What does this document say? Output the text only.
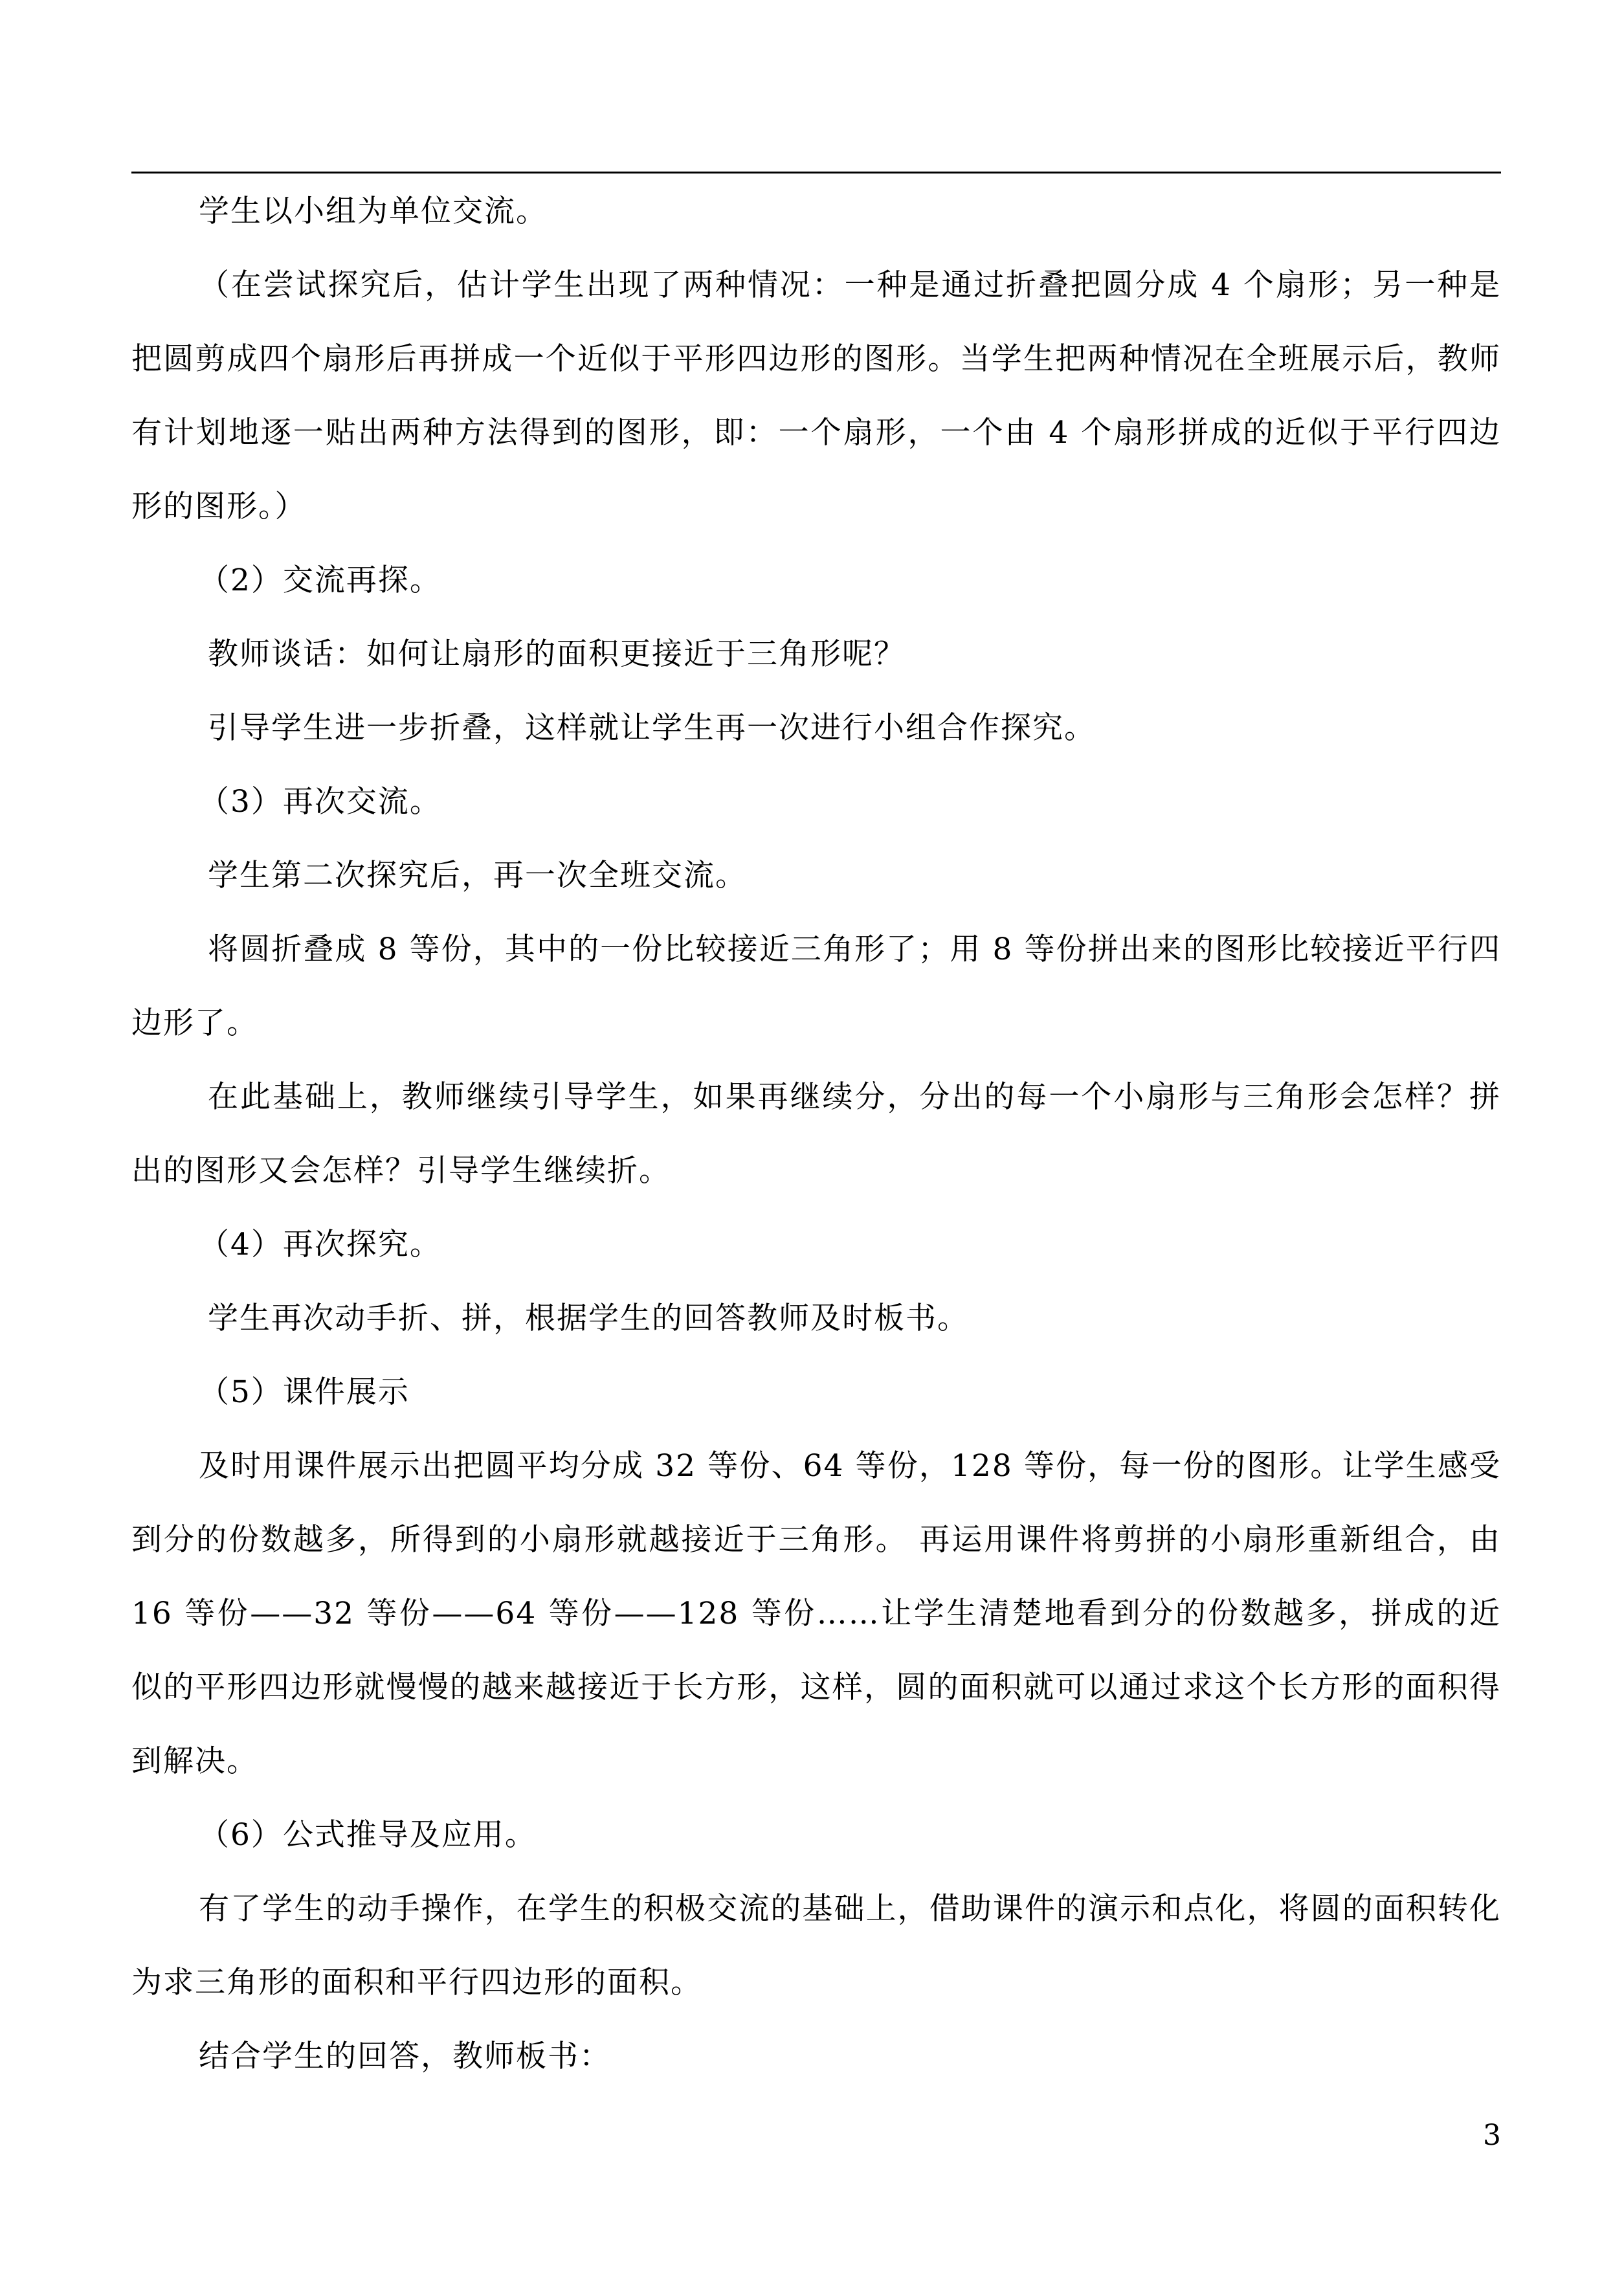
学生以小组为单位交流。

（在尝试探究后，估计学生出现了两种情况：一种是通过折叠把圆分成 4 个扇形；另一种是把圆剪成四个扇形后再拼成一个近似于平形四边形的图形。当学生把两种情况在全班展示后，教师有计划地逐一贴出两种方法得到的图形，即：一个扇形，一个由 4 个扇形拼成的近似于平行四边形的图形。）

（2）交流再探。

教师谈话：如何让扇形的面积更接近于三角形呢？

引导学生进一步折叠，这样就让学生再一次进行小组合作探究。

（3）再次交流。

学生第二次探究后，再一次全班交流。

将圆折叠成 8 等份，其中的一份比较接近三角形了；用 8 等份拼出来的图形比较接近平行四边形了。

在此基础上，教师继续引导学生，如果再继续分，分出的每一个小扇形与三角形会怎样？拼出的图形又会怎样？引导学生继续折。

（4）再次探究。

学生再次动手折、拼，根据学生的回答教师及时板书。

（5）课件展示

及时用课件展示出把圆平均分成 32 等份、64 等份，128 等份，每一份的图形。让学生感受到分的份数越多，所得到的小扇形就越接近于三角形。 再运用课件将剪拼的小扇形重新组合，由 16 等份——32 等份——64 等份——128 等份……让学生清楚地看到分的份数越多，拼成的近似的平形四边形就慢慢的越来越接近于长方形，这样，圆的面积就可以通过求这个长方形的面积得到解决。

（6）公式推导及应用。

有了学生的动手操作，在学生的积极交流的基础上，借助课件的演示和点化，将圆的面积转化为求三角形的面积和平行四边形的面积。

结合学生的回答，教师板书：

3
